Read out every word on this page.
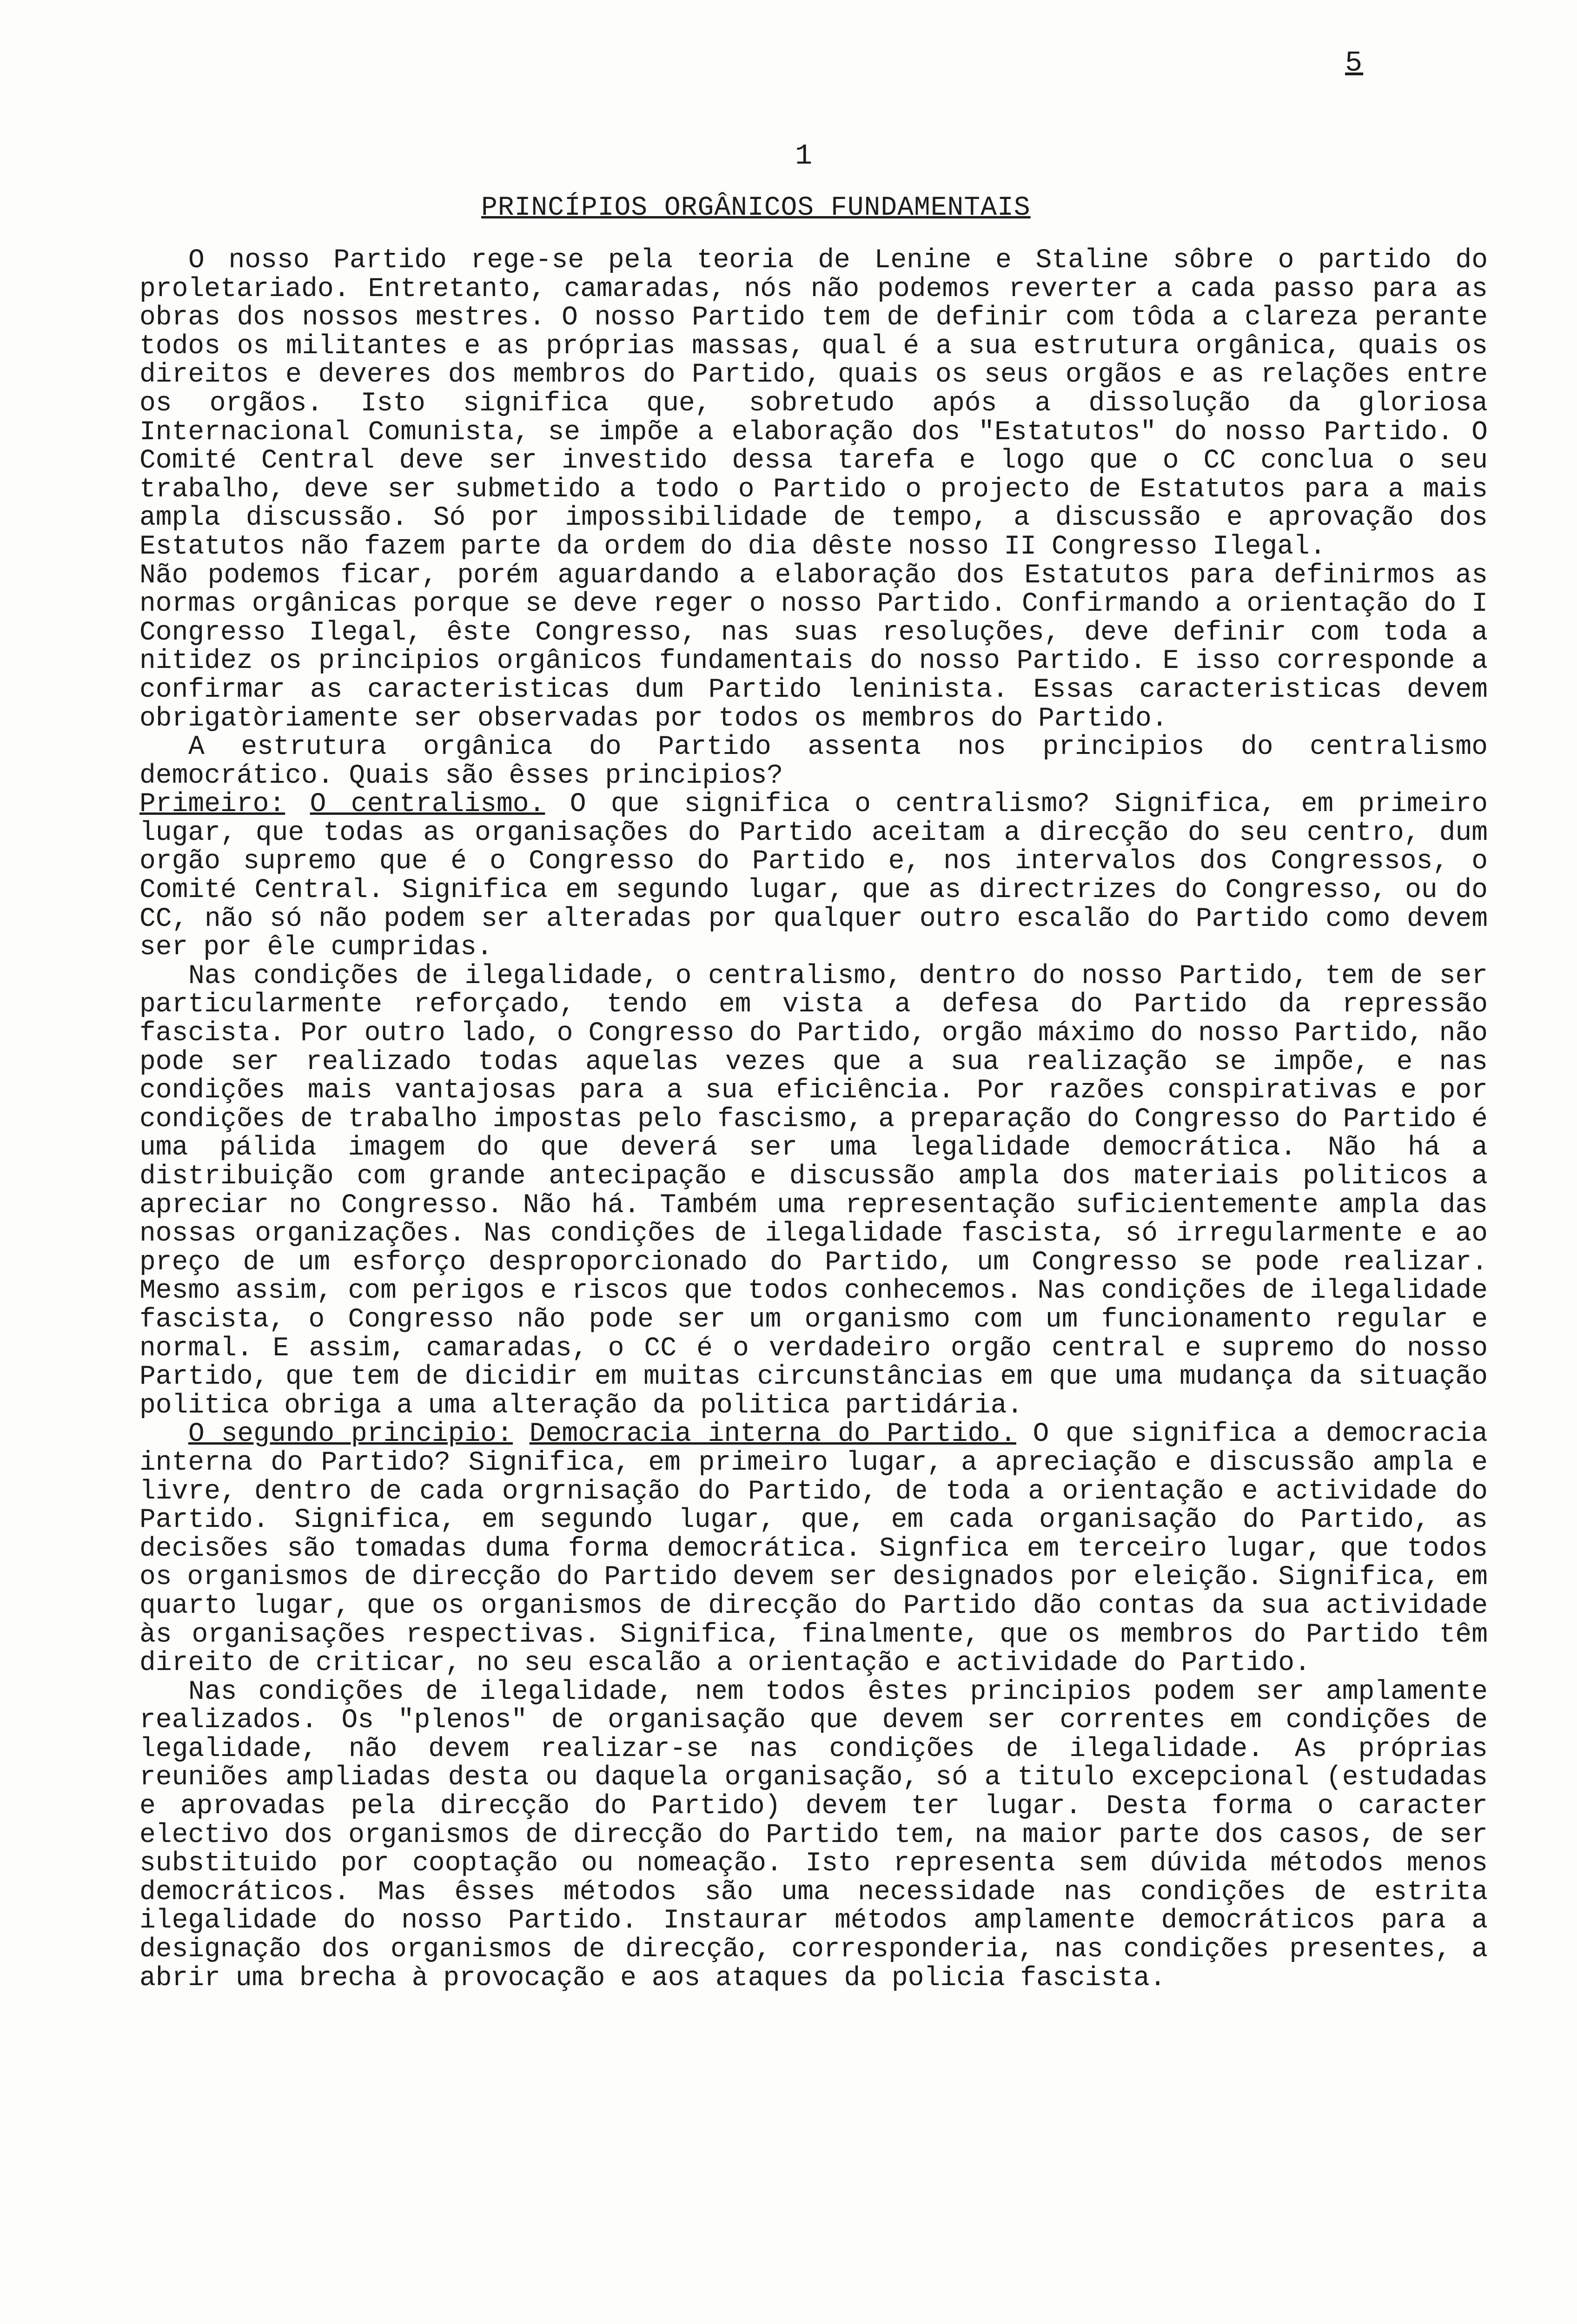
5
1
PRINCÍPIOS ORGÂNICOS FUNDAMENTAIS

O nosso Partido rege-se pela teoria de Lenine e Staline sôbre o partido do proletariado. Entretanto, camaradas, nós não podemos reverter a cada passo para as obras dos nossos mestres. O nosso Partido tem de definir com tôda a clareza perante todos os militantes e as próprias massas, qual é a sua estrutura orgânica, quais os direitos e deveres dos membros do Partido, quais os seus orgãos e as relações entre os orgãos. Isto significa que, sobretudo após a dissolução da gloriosa Internacional Comunista, se impõe a elaboração dos "Estatutos" do nosso Partido. O Comité Central deve ser investido dessa tarefa e logo que o CC conclua o seu trabalho, deve ser submetido a todo o Partido o projecto de Estatutos para a mais ampla discussão. Só por impossibilidade de tempo, a discussão e aprovação dos Estatutos não fazem parte da ordem do dia dêste nosso II Congresso Ilegal.

Não podemos ficar, porém aguardando a elaboração dos Estatutos para definirmos as normas orgânicas porque se deve reger o nosso Partido. Confirmando a orientação do I Congresso Ilegal, êste Congresso, nas suas resoluções, deve definir com toda a nitidez os principios orgânicos fundamentais do nosso Partido. E isso corresponde a confirmar as caracteristicas dum Partido leninista. Essas caracteristicas devem obrigatòriamente ser observadas por todos os membros do Partido.

A estrutura orgânica do Partido assenta nos principios do centralismo democrático. Quais são êsses principios?

Primeiro: O centralismo. O que significa o centralismo? Significa, em primeiro lugar, que todas as organisações do Partido aceitam a direcção do seu centro, dum orgão supremo que é o Congresso do Partido e, nos intervalos dos Congressos, o Comité Central. Significa em segundo lugar, que as directrizes do Congresso, ou do CC, não só não podem ser alteradas por qualquer outro escalão do Partido como devem ser por êle cumpridas.

Nas condições de ilegalidade, o centralismo, dentro do nosso Partido, tem de ser particularmente reforçado, tendo em vista a defesa do Partido da repressão fascista. Por outro lado, o Congresso do Partido, orgão máximo do nosso Partido, não pode ser realizado todas aquelas vezes que a sua realização se impõe, e nas condições mais vantajosas para a sua eficiência. Por razões conspirativas e por condições de trabalho impostas pelo fascismo, a preparação do Congresso do Partido é uma pálida imagem do que deverá ser uma legalidade democrática. Não há a distribuição com grande antecipação e discussão ampla dos materiais politicos a apreciar no Congresso. Não há. Também uma representação suficientemente ampla das nossas organizações. Nas condições de ilegalidade fascista, só irregularmente e ao preço de um esforço desproporcionado do Partido, um Congresso se pode realizar. Mesmo assim, com perigos e riscos que todos conhecemos. Nas condições de ilegalidade fascista, o Congresso não pode ser um organismo com um funcionamento regular e normal. E assim, camaradas, o CC é o verdadeiro orgão central e supremo do nosso Partido, que tem de dicidir em muitas circunstâncias em que uma mudança da situação politica obriga a uma alteração da politica partidária.

O segundo principio: Democracia interna do Partido. O que significa a democracia interna do Partido? Significa, em primeiro lugar, a apreciação e discussão ampla e livre, dentro de cada orgrnisação do Partido, de toda a orientação e actividade do Partido. Significa, em segundo lugar, que, em cada organisação do Partido, as decisões são tomadas duma forma democrática. Signfica em terceiro lugar, que todos os organismos de direcção do Partido devem ser designados por eleição. Significa, em quarto lugar, que os organismos de direcção do Partido dão contas da sua actividade às organisações respectivas. Significa, finalmente, que os membros do Partido têm direito de criticar, no seu escalão a orientação e actividade do Partido.

Nas condições de ilegalidade, nem todos êstes principios podem ser amplamente realizados. Os "plenos" de organisação que devem ser correntes em condições de legalidade, não devem realizar-se nas condições de ilegalidade. As próprias reuniões ampliadas desta ou daquela organisação, só a titulo excepcional (estudadas e aprovadas pela direcção do Partido) devem ter lugar. Desta forma o caracter electivo dos organismos de direcção do Partido tem, na maior parte dos casos, de ser substituido por cooptação ou nomeação. Isto representa sem dúvida métodos menos democráticos. Mas êsses métodos são uma necessidade nas condições de estrita ilegalidade do nosso Partido. Instaurar métodos amplamente democráticos para a designação dos organismos de direcção, corresponderia, nas condições presentes, a abrir uma brecha à provocação e aos ataques da policia fascista.
